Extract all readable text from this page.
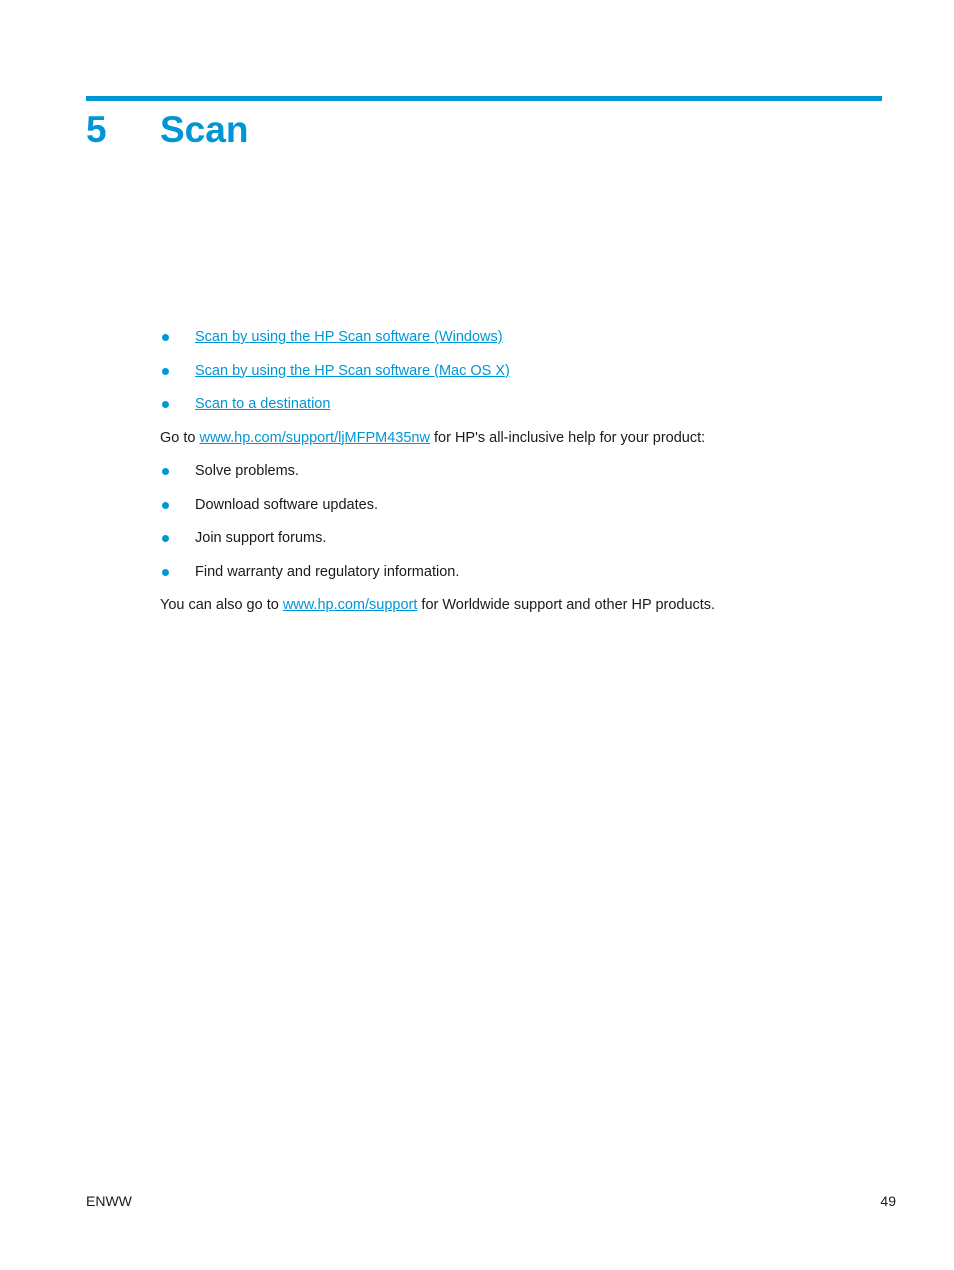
5 Scan
Scan by using the HP Scan software (Windows)
Scan by using the HP Scan software (Mac OS X)
Scan to a destination

Go to www.hp.com/support/ljMFPM435nw for HP's all-inclusive help for your product:

Solve problems.
Download software updates.
Join support forums.
Find warranty and regulatory information.

You can also go to www.hp.com/support for Worldwide support and other HP products.

ENWW	49
